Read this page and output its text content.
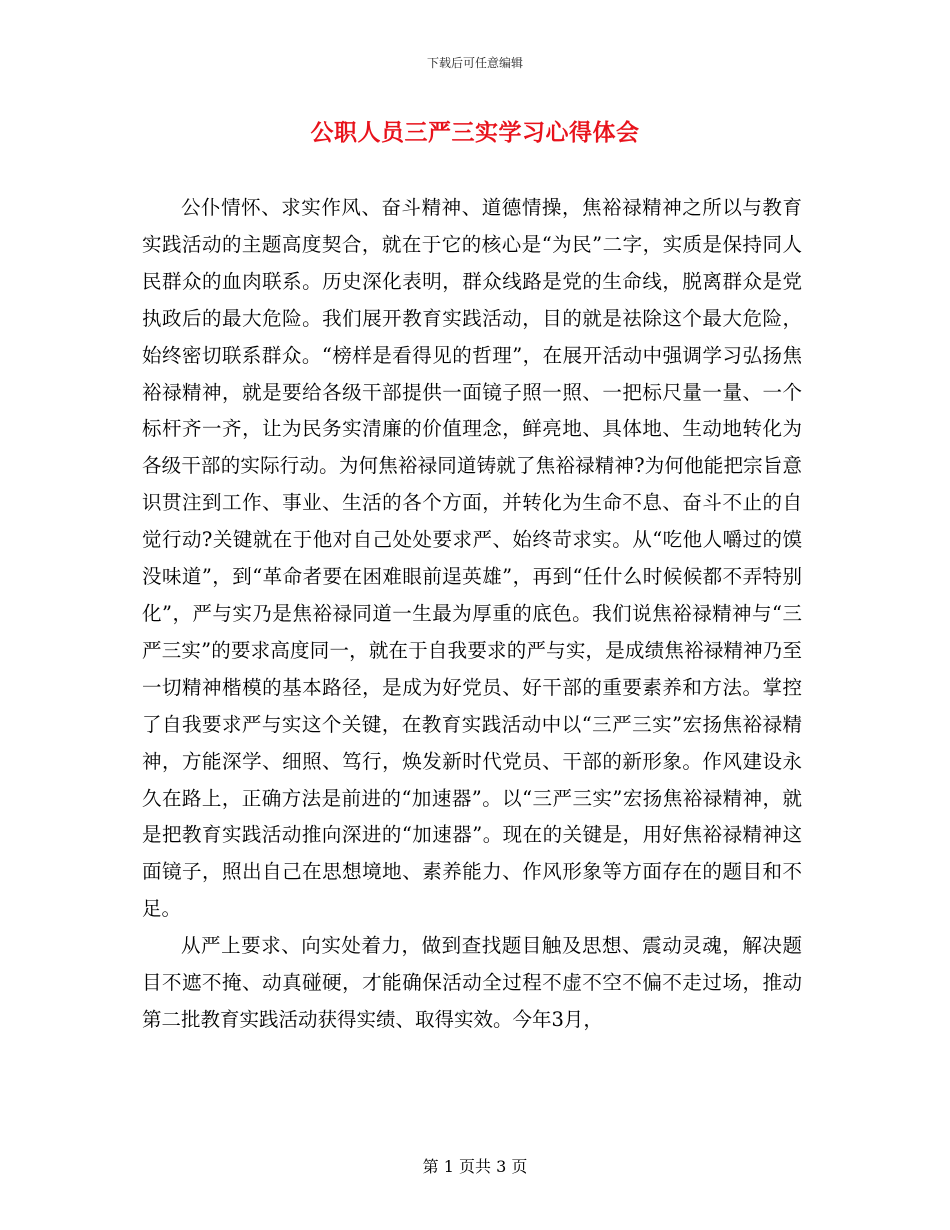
下载后可任意编辑
公职人员三严三实学习心得体会

公仆情怀、求实作风、奋斗精神、道德情操，焦裕禄精神之所以与教育实践活动的主题高度契合，就在于它的核心是“为民”二字，实质是保持同人民群众的血肉联系。历史深化表明，群众线路是党的生命线，脱离群众是党执政后的最大危险。我们展开教育实践活动，目的就是祛除这个最大危险，始终密切联系群众。“榜样是看得见的哲理”，在展开活动中强调学习弘扬焦裕禄精神，就是要给各级干部提供一面镜子照一照、一把标尺量一量、一个标杆齐一齐，让为民务实清廉的价值理念，鲜亮地、具体地、生动地转化为各级干部的实际行动。为何焦裕禄同道铸就了焦裕禄精神?为何他能把宗旨意识贯注到工作、事业、生活的各个方面，并转化为生命不息、奋斗不止的自觉行动?关键就在于他对自己处处要求严、始终苛求实。从“吃他人嚼过的馍没味道”，到“革命者要在困难眼前逞英雄”，再到“任什么时候候都不弄特别化”，严与实乃是焦裕禄同道一生最为厚重的底色。我们说焦裕禄精神与“三严三实”的要求高度同一，就在于自我要求的严与实，是成绩焦裕禄精神乃至一切精神楷模的基本路径，是成为好党员、好干部的重要素养和方法。掌控了自我要求严与实这个关键，在教育实践活动中以“三严三实”宏扬焦裕禄精神，方能深学、细照、笃行，焕发新时代党员、干部的新形象。作风建设永久在路上，正确方法是前进的“加速器”。以“三严三实”宏扬焦裕禄精神，就是把教育实践活动推向深进的“加速器”。现在的关键是，用好焦裕禄精神这面镜子，照出自己在思想境地、素养能力、作风形象等方面存在的题目和不足。

从严上要求、向实处着力，做到查找题目触及思想、震动灵魂，解决题目不遮不掩、动真碰硬，才能确保活动全过程不虚不空不偏不走过场，推动第二批教育实践活动获得实绩、取得实效。今年3月，

第 1 页共 3 页
